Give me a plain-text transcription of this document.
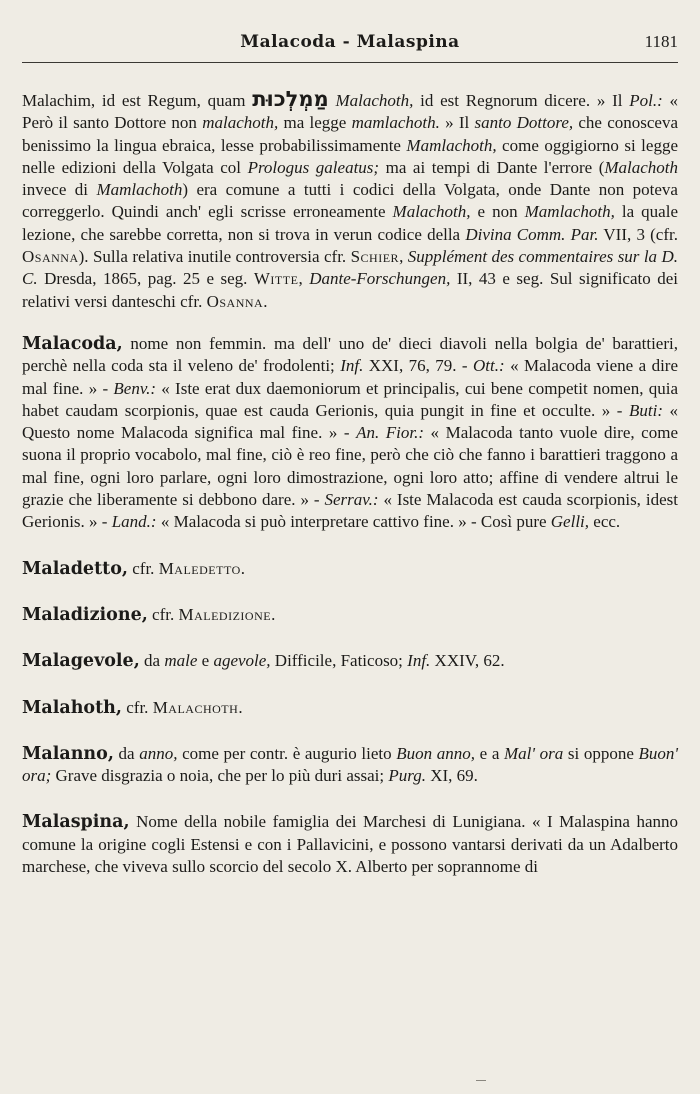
Malacoda - Malaspina	1181

Malachim, id est Regum, quam מַמְלְכוּת Malachoth, id est Regnorum dicere. » Il Pol.: « Però il santo Dottore non malachoth, ma legge mamlachoth. » Il santo Dottore, che conosceva benissimo la lingua ebraica, lesse probabilissimamente Mamlachoth, come oggigiorno si legge nelle edizioni della Volgata col Prologus galeatus; ma ai tempi di Dante l'errore (Malachoth invece di Mamlachoth) era comune a tutti i codici della Volgata, onde Dante non poteva correggerlo. Quindi anch' egli scrisse erroneamente Malachoth, e non Mamlachoth, la quale lezione, che sarebbe corretta, non si trova in verun codice della Divina Comm. Par. VII, 3 (cfr. Osanna). Sulla relativa inutile controversia cfr. Schier, Supplément des commentaires sur la D. C. Dresda, 1865, pag. 25 e seg. Witte, Dante-Forschungen, II, 43 e seg. Sul significato dei relativi versi danteschi cfr. Osanna.

Malacoda, nome non femmin. ma dell' uno de' dieci diavoli nella bolgia de' barattieri, perchè nella coda sta il veleno de' frodolenti; Inf. XXI, 76, 79. - Ott.: « Malacoda viene a dire mal fine. » - Benv.: « Iste erat dux daemoniorum et principalis, cui bene competit nomen, quia habet caudam scorpionis, quae est cauda Gerionis, quia pungit in fine et occulte. » - Buti: « Questo nome Malacoda significa mal fine. » - An. Fior.: « Malacoda tanto vuole dire, come suona il proprio vocabolo, mal fine, ciò è reo fine, però che ciò che fanno i barattieri traggono a mal fine, ogni loro parlare, ogni loro dimostrazione, ogni loro atto; affine di vendere altrui le grazie che liberamente si debbono dare. » - Serrav.: « Iste Malacoda est cauda scorpionis, idest Gerionis. » - Land.: « Malacoda si può interpretare cattivo fine. » - Così pure Gelli, ecc.

Maladetto, cfr. Maledetto.

Maladizione, cfr. Maledizione.

Malagevole, da male e agevole, Difficile, Faticoso; Inf. XXIV, 62.

Malahoth, cfr. Malachoth.

Malanno, da anno, come per contr. è augurio lieto Buon anno, e a Mal' ora si oppone Buon' ora; Grave disgrazia o noia, che per lo più duri assai; Purg. XI, 69.

Malaspina, Nome della nobile famiglia dei Marchesi di Lunigiana. « I Malaspina hanno comune la origine cogli Estensi e con i Pallavicini, e possono vantarsi derivati da un Adalberto marchese, che viveva sullo scorcio del secolo X. Alberto per soprannome di
